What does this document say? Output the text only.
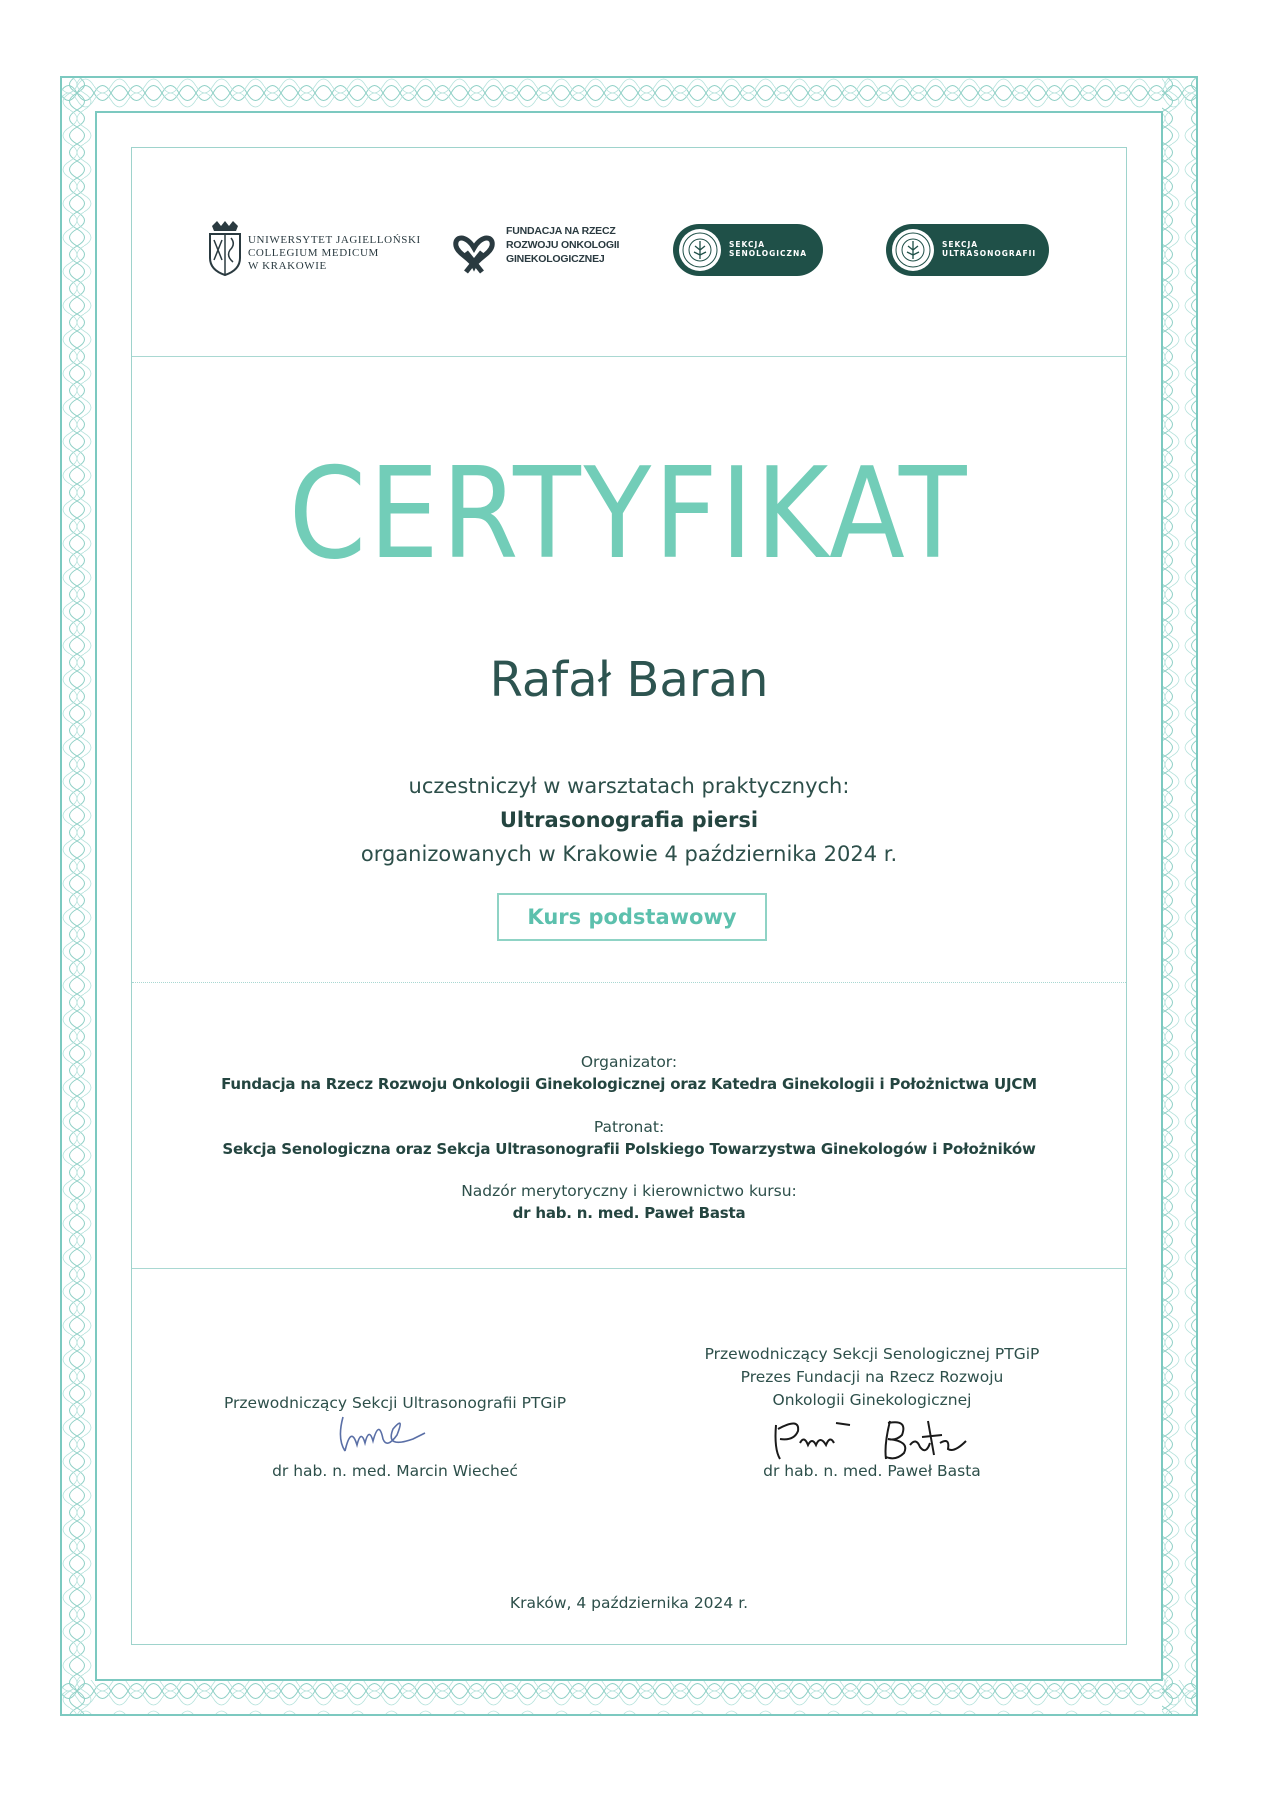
UNIWERSYTET JAGIELLOŃSKI
COLLEGIUM MEDICUM
W KRAKOWIE
FUNDACJA NA RZECZ
ROZWOJU ONKOLOGII
GINEKOLOGICZNEJ
SEKCJA
SENOLOGICZNA
SEKCJA
ULTRASONOGRAFII
CERTYFIKAT
Rafał Baran
uczestniczył w warsztatach praktycznych:
Ultrasonografia piersi
organizowanych w Krakowie 4 października 2024 r.
Kurs podstawowy
Organizator:
Fundacja na Rzecz Rozwoju Onkologii Ginekologicznej oraz Katedra Ginekologii i Położnictwa UJCM
Patronat:
Sekcja Senologiczna oraz Sekcja Ultrasonografii Polskiego Towarzystwa Ginekologów i Położników
Nadzór merytoryczny i kierownictwo kursu:
dr hab. n. med. Paweł Basta
Przewodniczący Sekcji Ultrasonografii PTGiP
dr hab. n. med. Marcin Wiecheć
Przewodniczący Sekcji Senologicznej PTGiP
Prezes Fundacji na Rzecz Rozwoju
Onkologii Ginekologicznej
dr hab. n. med. Paweł Basta
Kraków, 4 października 2024 r.
